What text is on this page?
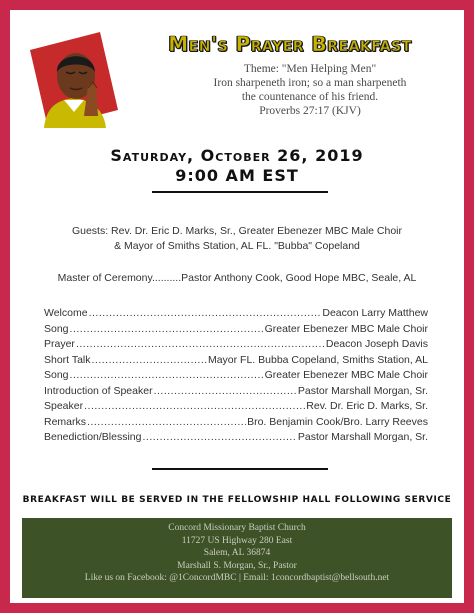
Men's Prayer Breakfast
Theme: "Men Helping Men"
Iron sharpeneth iron; so a man sharpeneth
the countenance of his friend.
Proverbs 27:17 (KJV)
Saturday, October 26, 2019
9:00 AM EST
Guests: Rev. Dr. Eric D. Marks, Sr., Greater Ebenezer MBC Male Choir
& Mayor of Smiths Station, AL FL. "Bubba" Copeland
Master of Ceremony..........Pastor Anthony Cook, Good Hope MBC, Seale, AL
Welcome .....	Deacon Larry Matthew
Song .....	Greater Ebenezer MBC Male Choir
Prayer .....	Deacon Joseph Davis
Short Talk .....	Mayor FL. Bubba Copeland, Smiths Station, AL
Song .....	Greater Ebenezer MBC Male Choir
Introduction of Speaker .....	Pastor Marshall Morgan, Sr.
Speaker .....	Rev. Dr. Eric D. Marks, Sr.
Remarks .....	Bro. Benjamin Cook/Bro. Larry Reeves
Benediction/Blessing .....	Pastor Marshall Morgan, Sr.
BREAKFAST WILL BE SERVED IN THE FELLOWSHIP HALL FOLLOWING SERVICE
Concord Missionary Baptist Church
11727 US Highway 280 East
Salem, AL 36874
Marshall S. Morgan, Sr., Pastor
Like us on Facebook: @1ConcordMBC | Email: 1concordbaptist@bellsouth.net
